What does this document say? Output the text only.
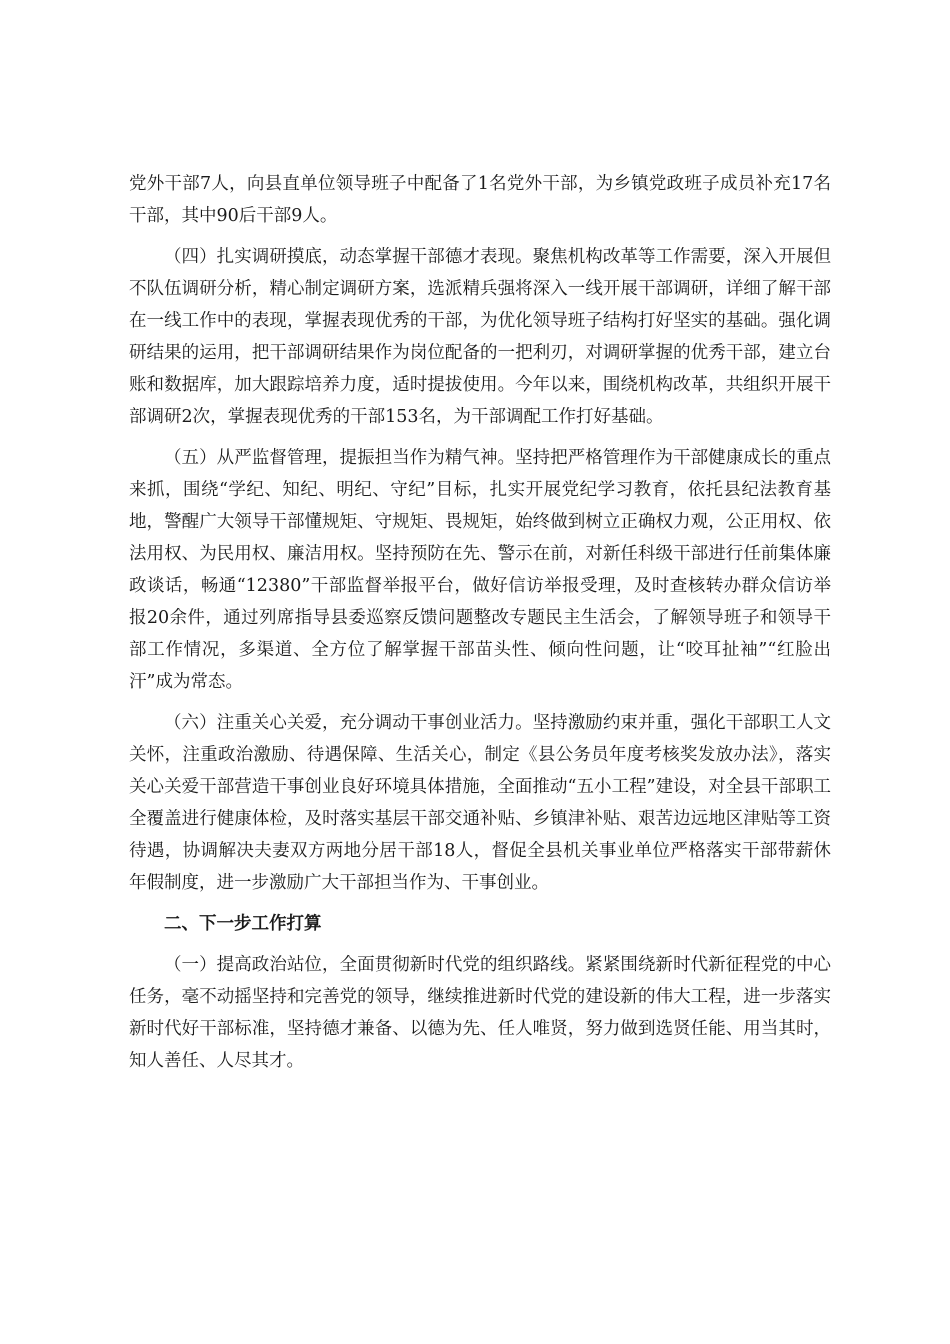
党外干部7人，向县直单位领导班子中配备了1名党外干部，为乡镇党政班子成员补充17名干部，其中90后干部9人。

（四）扎实调研摸底，动态掌握干部德才表现。聚焦机构改革等工作需要，深入开展但不队伍调研分析，精心制定调研方案，选派精兵强将深入一线开展干部调研，详细了解干部在一线工作中的表现，掌握表现优秀的干部，为优化领导班子结构打好坚实的基础。强化调研结果的运用，把干部调研结果作为岗位配备的一把利刃，对调研掌握的优秀干部，建立台账和数据库，加大跟踪培养力度，适时提拔使用。今年以来，围绕机构改革，共组织开展干部调研2次，掌握表现优秀的干部153名，为干部调配工作打好基础。

（五）从严监督管理，提振担当作为精气神。坚持把严格管理作为干部健康成长的重点来抓，围绕“学纪、知纪、明纪、守纪”目标，扎实开展党纪学习教育，依托县纪法教育基地，警醒广大领导干部懂规矩、守规矩、畏规矩，始终做到树立正确权力观，公正用权、依法用权、为民用权、廉洁用权。坚持预防在先、警示在前，对新任科级干部进行任前集体廉政谈话，畅通“12380”干部监督举报平台，做好信访举报受理，及时查核转办群众信访举报20余件，通过列席指导县委巡察反馈问题整改专题民主生活会，了解领导班子和领导干部工作情况，多渠道、全方位了解掌握干部苗头性、倾向性问题，让“咬耳扯袖”“红脸出汗”成为常态。

（六）注重关心关爱，充分调动干事创业活力。坚持激励约束并重，强化干部职工人文关怀，注重政治激励、待遇保障、生活关心，制定《县公务员年度考核奖发放办法》，落实关心关爱干部营造干事创业良好环境具体措施，全面推动“五小工程”建设，对全县干部职工全覆盖进行健康体检，及时落实基层干部交通补贴、乡镇津补贴、艰苦边远地区津贴等工资待遇，协调解决夫妻双方两地分居干部18人，督促全县机关事业单位严格落实干部带薪休年假制度，进一步激励广大干部担当作为、干事创业。

二、下一步工作打算

（一）提高政治站位，全面贯彻新时代党的组织路线。紧紧围绕新时代新征程党的中心任务，毫不动摇坚持和完善党的领导，继续推进新时代党的建设新的伟大工程，进一步落实新时代好干部标准，坚持德才兼备、以德为先、任人唯贤，努力做到选贤任能、用当其时，知人善任、人尽其才。
